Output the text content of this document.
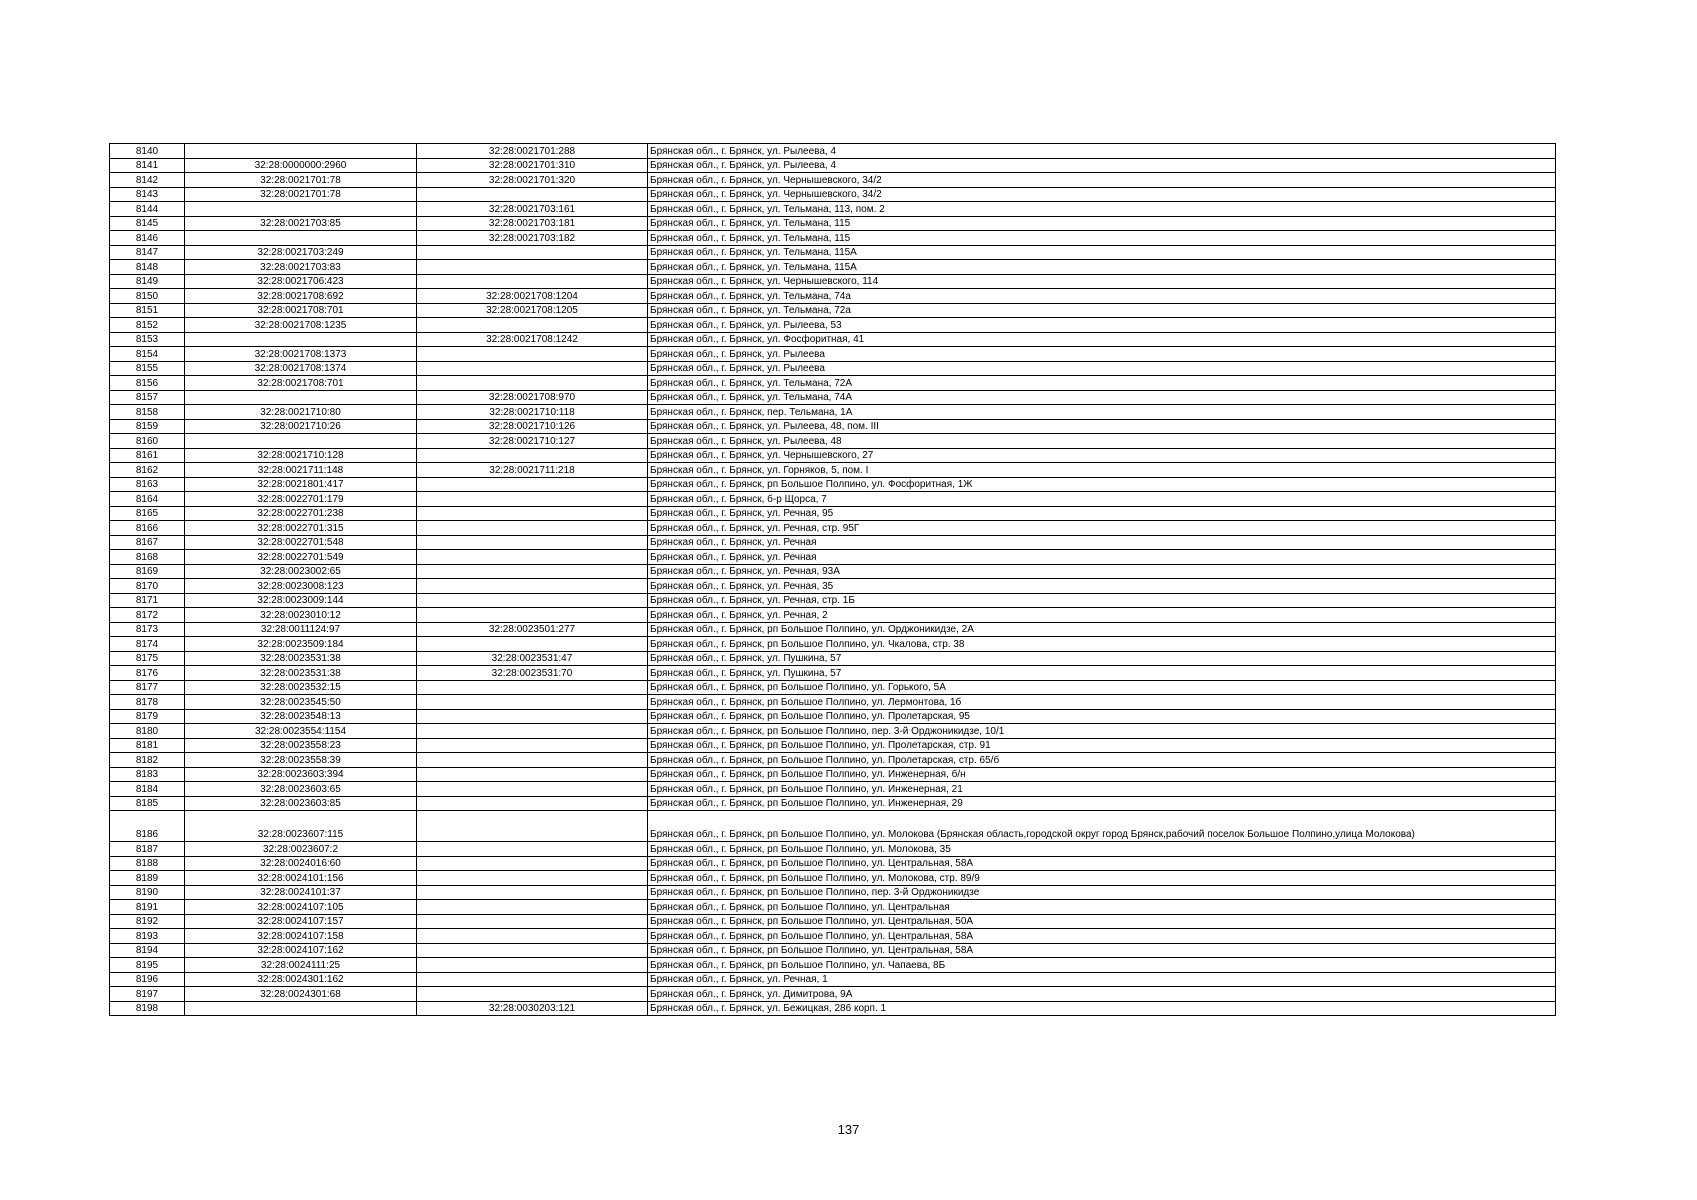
8140		32:28:0021701:288	Брянская обл., г. Брянск, ул. Рылеева, 4
8141	32:28:0000000:2960	32:28:0021701:310	Брянская обл., г. Брянск, ул. Рылеева, 4
8142	32:28:0021701:78	32:28:0021701:320	Брянская обл., г. Брянск, ул. Чернышевского, 34/2
8143	32:28:0021701:78		Брянская обл., г. Брянск, ул. Чернышевского, 34/2
8144		32:28:0021703:161	Брянская обл., г. Брянск, ул. Тельмана, 113, пом. 2
8145	32:28:0021703:85	32:28:0021703:181	Брянская обл., г. Брянск, ул. Тельмана, 115
8146		32:28:0021703:182	Брянская обл., г. Брянск, ул. Тельмана, 115
8147	32:28:0021703:249		Брянская обл., г. Брянск, ул. Тельмана, 115А
8148	32:28:0021703:83		Брянская обл., г. Брянск, ул. Тельмана, 115А
8149	32:28:0021706:423		Брянская обл., г. Брянск, ул. Чернышевского, 114
8150	32:28:0021708:692	32:28:0021708:1204	Брянская обл., г. Брянск, ул. Тельмана, 74а
8151	32:28:0021708:701	32:28:0021708:1205	Брянская обл., г. Брянск, ул. Тельмана, 72а
8152	32:28:0021708:1235		Брянская обл., г. Брянск, ул. Рылеева, 53
8153		32:28:0021708:1242	Брянская обл., г. Брянск, ул. Фосфоритная, 41
8154	32:28:0021708:1373		Брянская обл., г. Брянск, ул. Рылеева
8155	32:28:0021708:1374		Брянская обл., г. Брянск, ул. Рылеева
8156	32:28:0021708:701		Брянская обл., г. Брянск, ул. Тельмана, 72А
8157		32:28:0021708:970	Брянская обл., г. Брянск, ул. Тельмана, 74А
8158	32:28:0021710:80	32:28:0021710:118	Брянская обл., г. Брянск, пер. Тельмана, 1А
8159	32:28:0021710:26	32:28:0021710:126	Брянская обл., г. Брянск, ул. Рылеева, 48, пом. III
8160		32:28:0021710:127	Брянская обл., г. Брянск, ул. Рылеева, 48
8161	32:28:0021710:128		Брянская обл., г. Брянск, ул. Чернышевского, 27
8162	32:28:0021711:148	32:28:0021711:218	Брянская обл., г. Брянск, ул. Горняков, 5, пом. I
8163	32:28:0021801:417		Брянская обл., г. Брянск, рп Большое Полпино, ул. Фосфоритная, 1Ж
8164	32:28:0022701:179		Брянская обл., г. Брянск, б-р Щорса, 7
8165	32:28:0022701:238		Брянская обл., г. Брянск, ул. Речная, 95
8166	32:28:0022701:315		Брянская обл., г. Брянск, ул. Речная, стр. 95Г
8167	32:28:0022701:548		Брянская обл., г. Брянск, ул. Речная
8168	32:28:0022701:549		Брянская обл., г. Брянск, ул. Речная
8169	32:28:0023002:65		Брянская обл., г. Брянск, ул. Речная, 93А
8170	32:28:0023008:123		Брянская обл., г. Брянск, ул. Речная, 35
8171	32:28:0023009:144		Брянская обл., г. Брянск, ул. Речная, стр. 1Б
8172	32:28:0023010:12		Брянская обл., г. Брянск, ул. Речная, 2
8173	32:28:0011124:97	32:28:0023501:277	Брянская обл., г. Брянск, рп Большое Полпино, ул. Орджоникидзе, 2А
8174	32:28:0023509:184		Брянская обл., г. Брянск, рп Большое Полпино, ул. Чкалова, стр. 38
8175	32:28:0023531:38	32:28:0023531:47	Брянская обл., г. Брянск, ул. Пушкина, 57
8176	32:28:0023531:38	32:28:0023531:70	Брянская обл., г. Брянск, ул. Пушкина, 57
8177	32:28:0023532:15		Брянская обл., г. Брянск, рп Большое Полпино, ул. Горького, 5А
8178	32:28:0023545:50		Брянская обл., г. Брянск, рп Большое Полпино, ул. Лермонтова, 1б
8179	32:28:0023548:13		Брянская обл., г. Брянск, рп Большое Полпино, ул. Пролетарская, 95
8180	32:28:0023554:1154		Брянская обл., г. Брянск, рп Большое Полпино, пер. 3-й Орджоникидзе, 10/1
8181	32:28:0023558:23		Брянская обл., г. Брянск, рп Большое Полпино, ул. Пролетарская, стр. 91
8182	32:28:0023558:39		Брянская обл., г. Брянск, рп Большое Полпино, ул. Пролетарская, стр. 65/б
8183	32:28:0023603:394		Брянская обл., г. Брянск, рп Большое Полпино, ул. Инженерная, б/н
8184	32:28:0023603:65		Брянская обл., г. Брянск, рп Большое Полпино, ул. Инженерная, 21
8185	32:28:0023603:85		Брянская обл., г. Брянск, рп Большое Полпино, ул. Инженерная, 29
8186	32:28:0023607:115		Брянская обл., г. Брянск, рп Большое Полпино, ул. Молокова (Брянская область,городской округ город Брянск,рабочий поселок Большое Полпино,улица Молокова)
8187	32:28:0023607:2		Брянская обл., г. Брянск, рп Большое Полпино, ул. Молокова, 35
8188	32:28:0024016:60		Брянская обл., г. Брянск, рп Большое Полпино, ул. Центральная, 58А
8189	32:28:0024101:156		Брянская обл., г. Брянск, рп Большое Полпино, ул. Молокова, стр. 89/9
8190	32:28:0024101:37		Брянская обл., г. Брянск, рп Большое Полпино, пер. 3-й Орджоникидзе
8191	32:28:0024107:105		Брянская обл., г. Брянск, рп Большое Полпино, ул. Центральная
8192	32:28:0024107:157		Брянская обл., г. Брянск, рп Большое Полпино, ул. Центральная, 50А
8193	32:28:0024107:158		Брянская обл., г. Брянск, рп Большое Полпино, ул. Центральная, 58А
8194	32:28:0024107:162		Брянская обл., г. Брянск, рп Большое Полпино, ул. Центральная, 58А
8195	32:28:0024111:25		Брянская обл., г. Брянск, рп Большое Полпино, ул. Чапаева, 8Б
8196	32:28:0024301:162		Брянская обл., г. Брянск, ул. Речная, 1
8197	32:28:0024301:68		Брянская обл., г. Брянск, ул. Димитрова, 9А
8198		32:28:0030203:121	Брянская обл., г. Брянск, ул. Бежицкая, 286 корп. 1
137
